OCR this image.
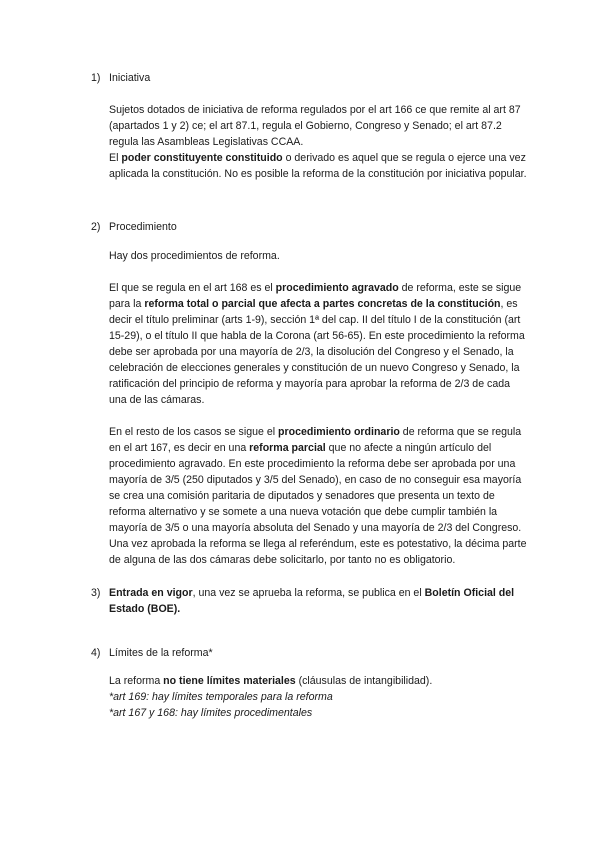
1) Iniciativa

Sujetos dotados de iniciativa de reforma regulados por el art 166 ce que remite al art 87 (apartados 1 y 2) ce; el art 87.1, regula el Gobierno, Congreso y Senado; el art 87.2 regula las Asambleas Legislativas CCAA.

El poder constituyente constituido o derivado es aquel que se regula o ejerce una vez aplicada la constitución. No es posible la reforma de la constitución por iniciativa popular.

2) Procedimiento

Hay dos procedimientos de reforma.

El que se regula en el art 168 es el procedimiento agravado de reforma, este se sigue para la reforma total o parcial que afecta a partes concretas de la constitución, es decir el título preliminar (arts 1-9), sección 1ª del cap. II del título I de la constitución (art 15-29), o el título II que habla de la Corona (art 56-65). En este procedimiento la reforma debe ser aprobada por una mayoría de 2/3, la disolución del Congreso y el Senado, la celebración de elecciones generales y constitución de un nuevo Congreso y Senado, la ratificación del principio de reforma y mayoría para aprobar la reforma de 2/3 de cada una de las cámaras.

En el resto de los casos se sigue el procedimiento ordinario de reforma que se regula en el art 167, es decir en una reforma parcial que no afecte a ningún artículo del procedimiento agravado. En este procedimiento la reforma debe ser aprobada por una mayoría de 3/5 (250 diputados y 3/5 del Senado), en caso de no conseguir esa mayoría se crea una comisión paritaria de diputados y senadores que presenta un texto de reforma alternativo y se somete a una nueva votación que debe cumplir también la mayoría de 3/5 o una mayoría absoluta del Senado y una mayoría de 2/3 del Congreso. Una vez aprobada la reforma se llega al referéndum, este es potestativo, la décima parte de alguna de las dos cámaras debe solicitarlo, por tanto no es obligatorio.

3) Entrada en vigor, una vez se aprueba la reforma, se publica en el Boletín Oficial del Estado (BOE).
4) Límites de la reforma*

La reforma no tiene límites materiales (cláusulas de intangibilidad).

*art 169: hay límites temporales para la reforma

*art 167 y 168: hay límites procedimentales
